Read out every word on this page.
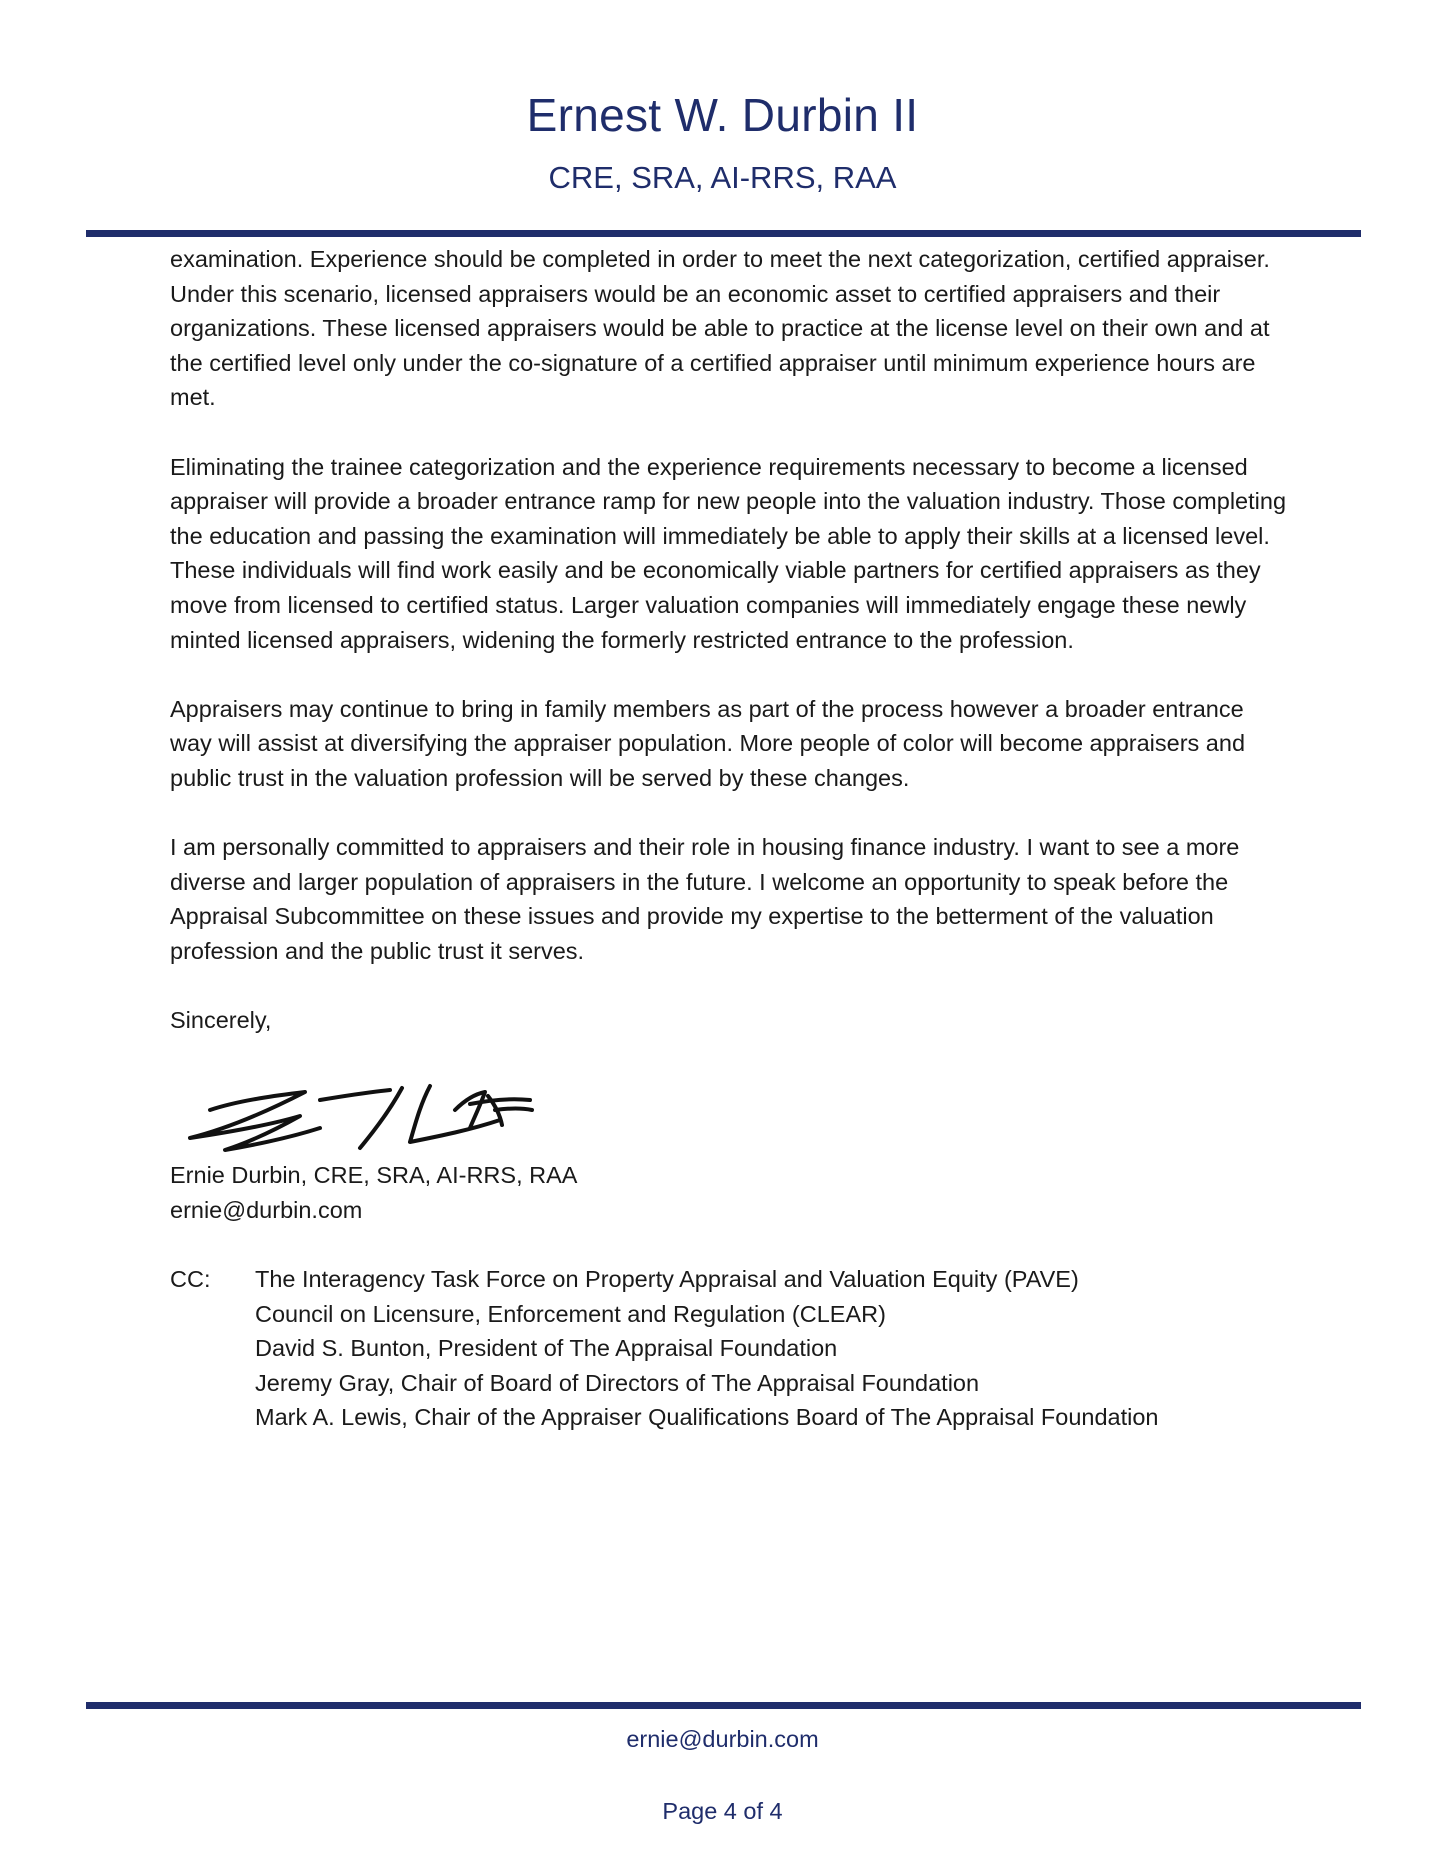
Ernest W. Durbin II
CRE, SRA, AI-RRS, RAA

examination. Experience should be completed in order to meet the next categorization, certified appraiser. Under this scenario, licensed appraisers would be an economic asset to certified appraisers and their organizations. These licensed appraisers would be able to practice at the license level on their own and at the certified level only under the co-signature of a certified appraiser until minimum experience hours are met.

Eliminating the trainee categorization and the experience requirements necessary to become a licensed appraiser will provide a broader entrance ramp for new people into the valuation industry. Those completing the education and passing the examination will immediately be able to apply their skills at a licensed level. These individuals will find work easily and be economically viable partners for certified appraisers as they move from licensed to certified status. Larger valuation companies will immediately engage these newly minted licensed appraisers, widening the formerly restricted entrance to the profession.

Appraisers may continue to bring in family members as part of the process however a broader entrance way will assist at diversifying the appraiser population. More people of color will become appraisers and public trust in the valuation profession will be served by these changes.

I am personally committed to appraisers and their role in housing finance industry. I want to see a more diverse and larger population of appraisers in the future. I welcome an opportunity to speak before the Appraisal Subcommittee on these issues and provide my expertise to the betterment of the valuation profession and the public trust it serves.

Sincerely,

Ernie Durbin, CRE, SRA, AI-RRS, RAA
ernie@durbin.com
CC:	The Interagency Task Force on Property Appraisal and Valuation Equity (PAVE)
Council on Licensure, Enforcement and Regulation (CLEAR)
David S. Bunton, President of The Appraisal Foundation
Jeremy Gray, Chair of Board of Directors of The Appraisal Foundation
Mark A. Lewis, Chair of the Appraiser Qualifications Board of The Appraisal Foundation
ernie@durbin.com
Page 4 of 4
